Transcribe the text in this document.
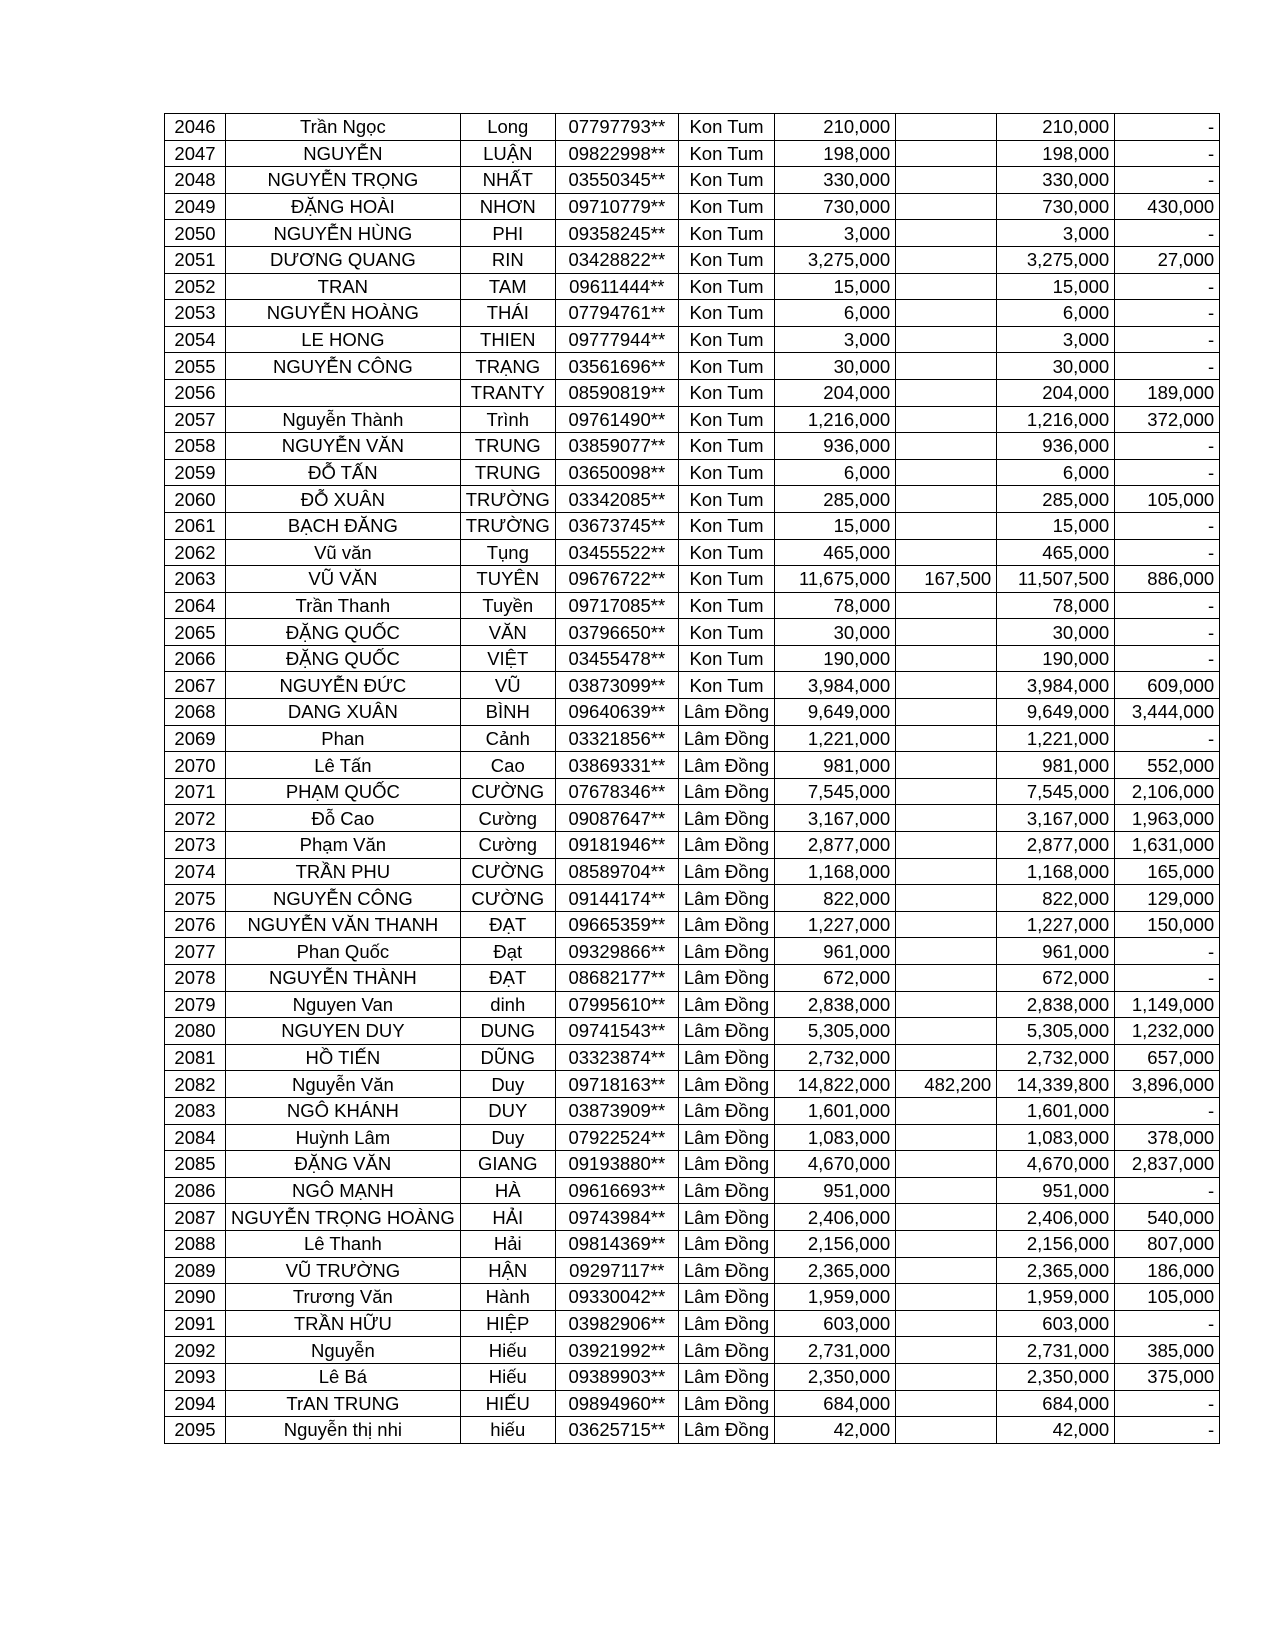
2046	Trần Ngọc	Long	07797793**	Kon Tum	210,000		210,000	-
2047	NGUYỄN	LUẬN	09822998**	Kon Tum	198,000		198,000	-
2048	NGUYỄN TRỌNG	NHẤT	03550345**	Kon Tum	330,000		330,000	-
2049	ĐẶNG HOÀI	NHƠN	09710779**	Kon Tum	730,000		730,000	430,000
2050	NGUYỄN HÙNG	PHI	09358245**	Kon Tum	3,000		3,000	-
2051	DƯƠNG QUANG	RIN	03428822**	Kon Tum	3,275,000		3,275,000	27,000
2052	TRAN	TAM	09611444**	Kon Tum	15,000		15,000	-
2053	NGUYỄN HOÀNG	THÁI	07794761**	Kon Tum	6,000		6,000	-
2054	LE HONG	THIEN	09777944**	Kon Tum	3,000		3,000	-
2055	NGUYỄN CÔNG	TRẠNG	03561696**	Kon Tum	30,000		30,000	-
2056		TRANTY	08590819**	Kon Tum	204,000		204,000	189,000
2057	Nguyễn Thành	Trình	09761490**	Kon Tum	1,216,000		1,216,000	372,000
2058	NGUYỄN VĂN	TRUNG	03859077**	Kon Tum	936,000		936,000	-
2059	ĐỖ TẤN	TRUNG	03650098**	Kon Tum	6,000		6,000	-
2060	ĐỖ XUÂN	TRƯỜNG	03342085**	Kon Tum	285,000		285,000	105,000
2061	BẠCH ĐĂNG	TRƯỜNG	03673745**	Kon Tum	15,000		15,000	-
2062	Vũ văn	Tụng	03455522**	Kon Tum	465,000		465,000	-
2063	VŨ VĂN	TUYÊN	09676722**	Kon Tum	11,675,000	167,500	11,507,500	886,000
2064	Trần Thanh	Tuyền	09717085**	Kon Tum	78,000		78,000	-
2065	ĐẶNG QUỐC	VĂN	03796650**	Kon Tum	30,000		30,000	-
2066	ĐẶNG QUỐC	VIỆT	03455478**	Kon Tum	190,000		190,000	-
2067	NGUYỄN ĐỨC	VŨ	03873099**	Kon Tum	3,984,000		3,984,000	609,000
2068	DANG XUÂN	BÌNH	09640639**	Lâm Đồng	9,649,000		9,649,000	3,444,000
2069	Phan	Cảnh	03321856**	Lâm Đồng	1,221,000		1,221,000	-
2070	Lê Tấn	Cao	03869331**	Lâm Đồng	981,000		981,000	552,000
2071	PHẠM QUỐC	CƯỜNG	07678346**	Lâm Đồng	7,545,000		7,545,000	2,106,000
2072	Đỗ Cao	Cường	09087647**	Lâm Đồng	3,167,000		3,167,000	1,963,000
2073	Phạm Văn	Cường	09181946**	Lâm Đồng	2,877,000		2,877,000	1,631,000
2074	TRẦN PHU	CƯỜNG	08589704**	Lâm Đồng	1,168,000		1,168,000	165,000
2075	NGUYỄN CÔNG	CƯỜNG	09144174**	Lâm Đồng	822,000		822,000	129,000
2076	NGUYỄN VĂN THANH	ĐẠT	09665359**	Lâm Đồng	1,227,000		1,227,000	150,000
2077	Phan Quốc	Đạt	09329866**	Lâm Đồng	961,000		961,000	-
2078	NGUYỄN THÀNH	ĐẠT	08682177**	Lâm Đồng	672,000		672,000	-
2079	Nguyen Van	dinh	07995610**	Lâm Đồng	2,838,000		2,838,000	1,149,000
2080	NGUYEN DUY	DUNG	09741543**	Lâm Đồng	5,305,000		5,305,000	1,232,000
2081	HỒ TIẾN	DŨNG	03323874**	Lâm Đồng	2,732,000		2,732,000	657,000
2082	Nguyễn Văn	Duy	09718163**	Lâm Đồng	14,822,000	482,200	14,339,800	3,896,000
2083	NGÔ KHÁNH	DUY	03873909**	Lâm Đồng	1,601,000		1,601,000	-
2084	Huỳnh Lâm	Duy	07922524**	Lâm Đồng	1,083,000		1,083,000	378,000
2085	ĐẶNG VĂN	GIANG	09193880**	Lâm Đồng	4,670,000		4,670,000	2,837,000
2086	NGÔ MẠNH	HÀ	09616693**	Lâm Đồng	951,000		951,000	-
2087	NGUYỄN TRỌNG HOÀNG	HẢI	09743984**	Lâm Đồng	2,406,000		2,406,000	540,000
2088	Lê Thanh	Hải	09814369**	Lâm Đồng	2,156,000		2,156,000	807,000
2089	VŨ TRƯỜNG	HẬN	09297117**	Lâm Đồng	2,365,000		2,365,000	186,000
2090	Trương Văn	Hành	09330042**	Lâm Đồng	1,959,000		1,959,000	105,000
2091	TRẦN HỮU	HIỆP	03982906**	Lâm Đồng	603,000		603,000	-
2092	Nguyễn	Hiếu	03921992**	Lâm Đồng	2,731,000		2,731,000	385,000
2093	Lê Bá	Hiếu	09389903**	Lâm Đồng	2,350,000		2,350,000	375,000
2094	TrAN TRUNG	HIẾU	09894960**	Lâm Đồng	684,000		684,000	-
2095	Nguyễn thị nhi	hiếu	03625715**	Lâm Đồng	42,000		42,000	-
